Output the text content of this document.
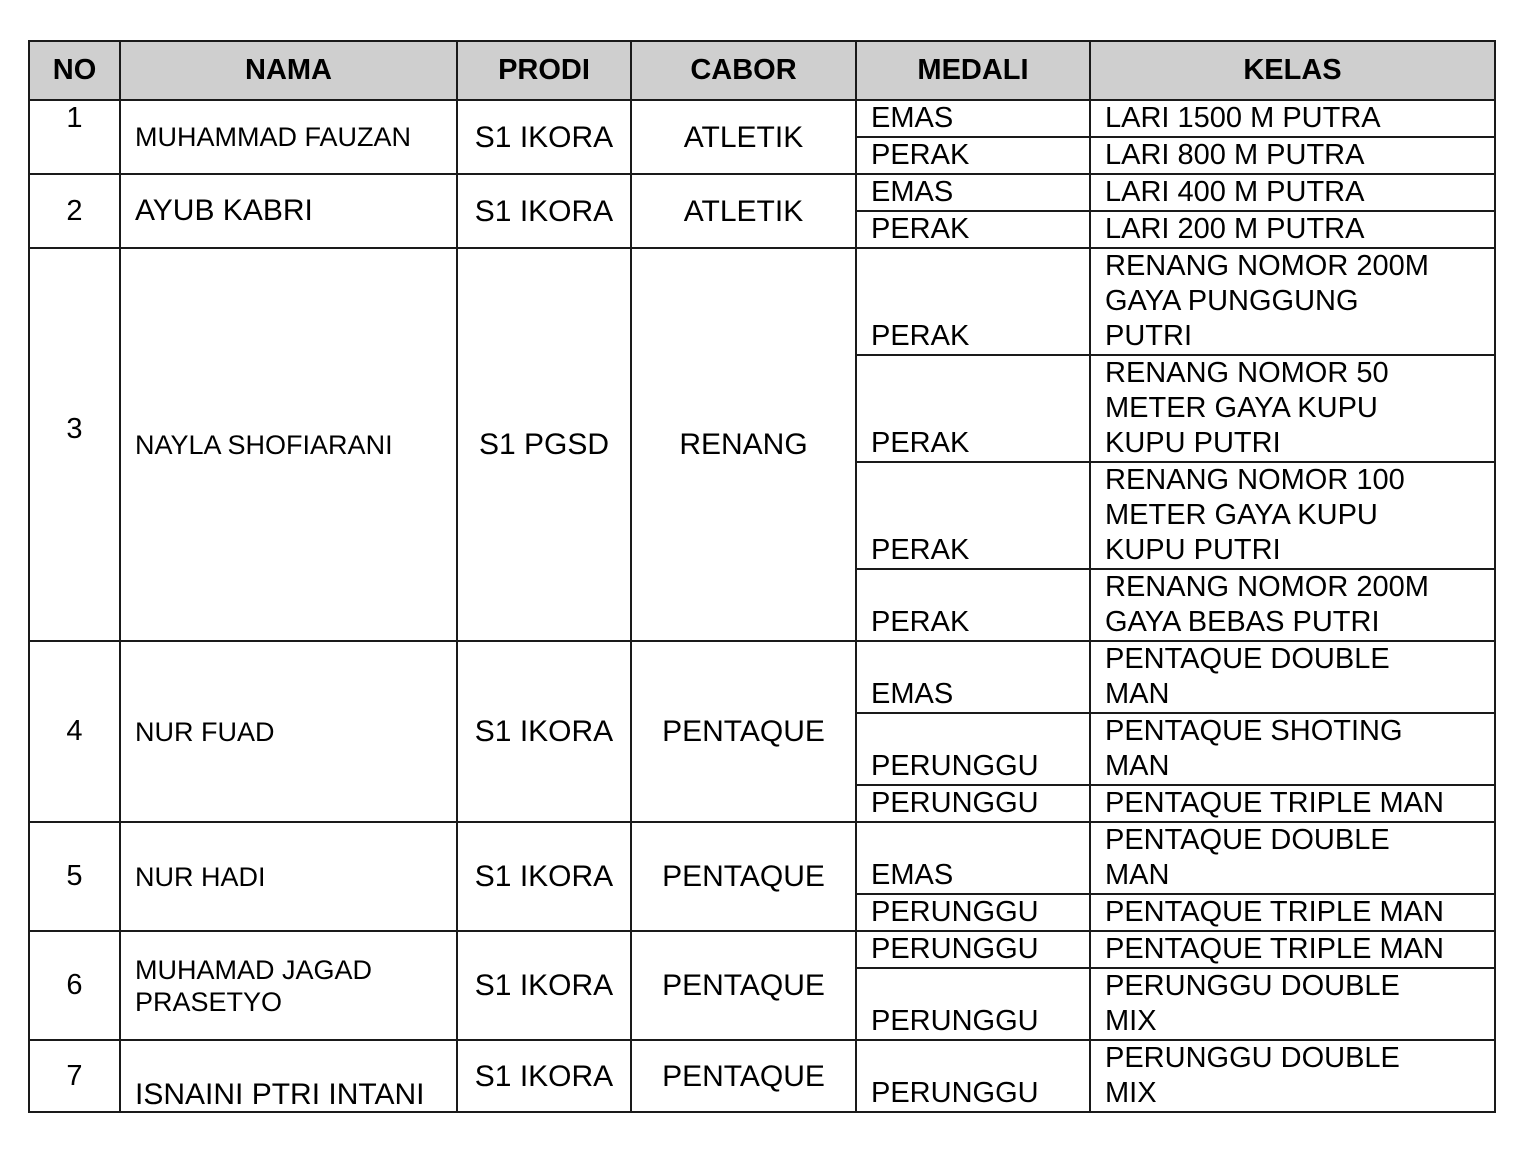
NO	NAMA	PRODI	CABOR	MEDALI	KELAS
1	MUHAMMAD FAUZAN	S1 IKORA	ATLETIK	EMAS	LARI 1500 M PUTRA
				PERAK	LARI 800 M PUTRA
2	AYUB KABRI	S1 IKORA	ATLETIK	EMAS	LARI 400 M PUTRA
				PERAK	LARI 200 M PUTRA
3	NAYLA SHOFIARANI	S1 PGSD	RENANG	PERAK	RENANG NOMOR 200M
GAYA PUNGGUNG
PUTRI
				PERAK	RENANG NOMOR 50
METER GAYA KUPU
KUPU PUTRI
				PERAK	RENANG NOMOR 100
METER GAYA KUPU
KUPU PUTRI
				PERAK	RENANG NOMOR 200M
GAYA BEBAS PUTRI
4	NUR FUAD	S1 IKORA	PENTAQUE	EMAS	PENTAQUE DOUBLE
MAN
				PERUNGGU	PENTAQUE SHOTING
MAN
				PERUNGGU	PENTAQUE TRIPLE MAN
5	NUR HADI	S1 IKORA	PENTAQUE	EMAS	PENTAQUE DOUBLE
MAN
				PERUNGGU	PENTAQUE TRIPLE MAN
6	MUHAMAD JAGAD
PRASETYO	S1 IKORA	PENTAQUE	PERUNGGU	PENTAQUE TRIPLE MAN
				PERUNGGU	PERUNGGU DOUBLE
MIX
7	ISNAINI PTRI INTANI	S1 IKORA	PENTAQUE	PERUNGGU	PERUNGGU DOUBLE
MIX
